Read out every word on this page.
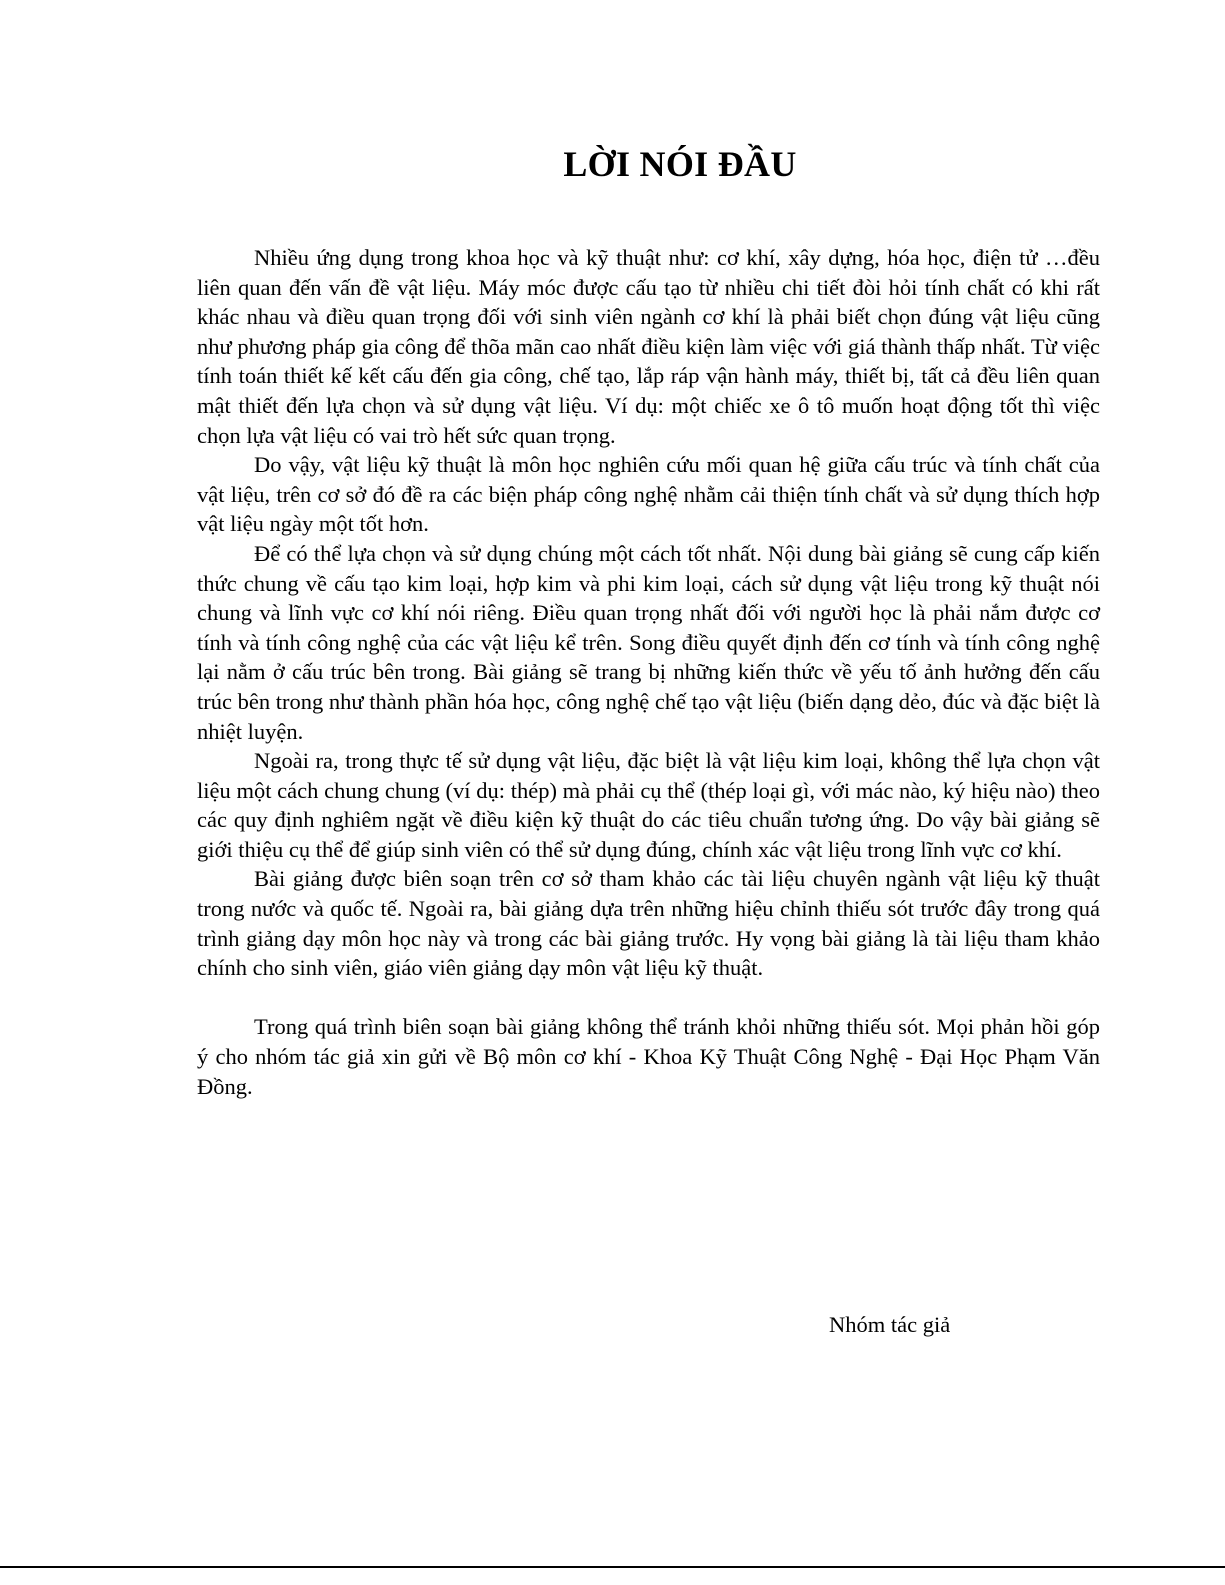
LỜI NÓI ĐẦU

Nhiều ứng dụng trong khoa học và kỹ thuật như: cơ khí, xây dựng, hóa học, điện tử …đều liên quan đến vấn đề vật liệu. Máy móc được cấu tạo từ nhiều chi tiết đòi hỏi tính chất có khi rất khác nhau và điều quan trọng đối với sinh viên ngành cơ khí là phải biết chọn đúng vật liệu cũng như phương pháp gia công để thõa mãn cao nhất điều kiện làm việc với giá thành thấp nhất. Từ việc tính toán thiết kế kết cấu đến gia công, chế tạo, lắp ráp vận hành máy, thiết bị, tất cả đều liên quan mật thiết đến lựa chọn và sử dụng vật liệu. Ví dụ: một chiếc xe ô tô muốn hoạt động tốt thì việc chọn lựa vật liệu có vai trò hết sức quan trọng.

Do vậy, vật liệu kỹ thuật là môn học nghiên cứu mối quan hệ giữa cấu trúc và tính chất của vật liệu, trên cơ sở đó đề ra các biện pháp công nghệ nhằm cải thiện tính chất và sử dụng thích hợp vật liệu ngày một tốt hơn.

Để có thể lựa chọn và sử dụng chúng một cách tốt nhất. Nội dung bài giảng sẽ cung cấp kiến thức chung về cấu tạo kim loại, hợp kim và phi kim loại, cách sử dụng vật liệu trong kỹ thuật nói chung và lĩnh vực cơ khí nói riêng. Điều quan trọng nhất đối với người học là phải nắm được cơ tính và tính công nghệ của các vật liệu kể trên. Song điều quyết định đến cơ tính và tính công nghệ lại nằm ở cấu trúc bên trong. Bài giảng sẽ trang bị những kiến thức về yếu tố ảnh hưởng đến cấu trúc bên trong như thành phần hóa học, công nghệ chế tạo vật liệu (biến dạng dẻo, đúc và đặc biệt là nhiệt luyện.

Ngoài ra, trong thực tế sử dụng vật liệu, đặc biệt là vật liệu kim loại, không thể lựa chọn vật liệu một cách chung chung (ví dụ: thép) mà phải cụ thể (thép loại gì, với mác nào, ký hiệu nào) theo các quy định nghiêm ngặt về điều kiện kỹ thuật do các tiêu chuẩn tương ứng. Do vậy bài giảng sẽ giới thiệu cụ thể để giúp sinh viên có thể sử dụng đúng, chính xác vật liệu trong lĩnh vực cơ khí.

Bài giảng được biên soạn trên cơ sở tham khảo các tài liệu chuyên ngành vật liệu kỹ thuật trong nước và quốc tế. Ngoài ra, bài giảng dựa trên những hiệu chỉnh thiếu sót trước đây trong quá trình giảng dạy môn học này và trong các bài giảng trước. Hy vọng bài giảng là tài liệu tham khảo chính cho sinh viên, giáo viên giảng dạy môn vật liệu kỹ thuật.

Trong quá trình biên soạn bài giảng không thể tránh khỏi những thiếu sót. Mọi phản hồi góp ý cho nhóm tác giả xin gửi về Bộ môn cơ khí - Khoa Kỹ Thuật Công Nghệ - Đại Học Phạm Văn Đồng.

Nhóm tác giả
